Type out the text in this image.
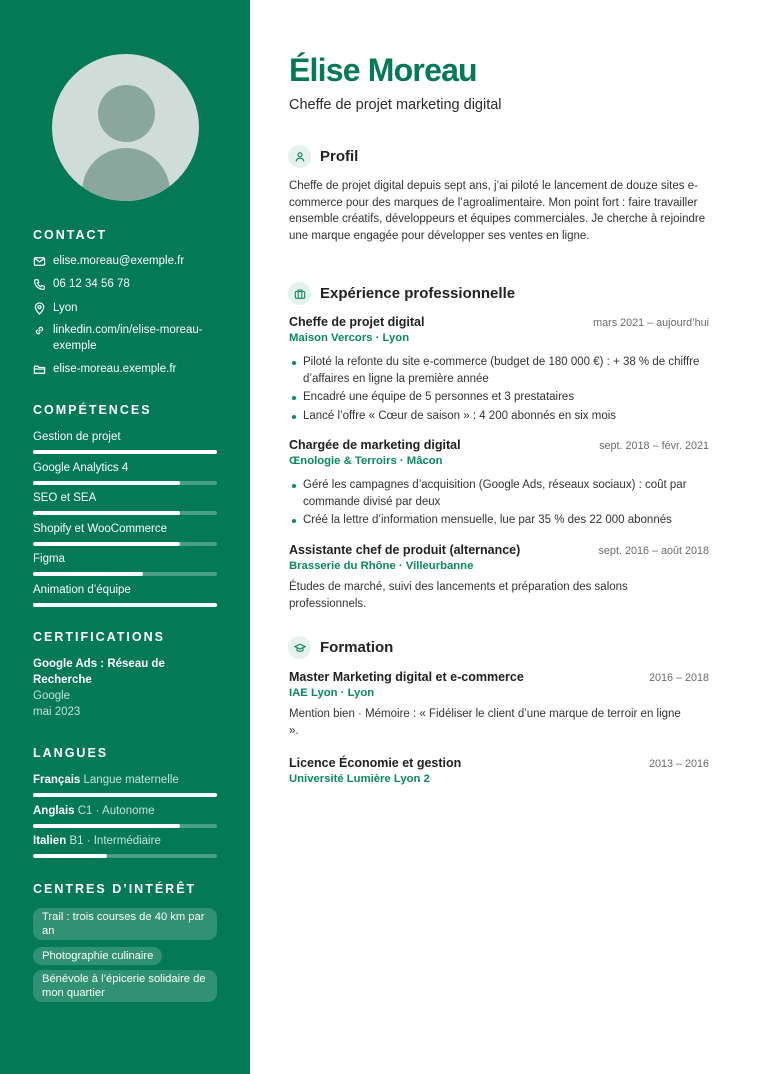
CONTACT
elise.moreau@exemple.fr
06 12 34 56 78
Lyon
linkedin.com/in/elise-moreau-exemple
elise-moreau.exemple.fr
COMPÉTENCES
Gestion de projet
Google Analytics 4
SEO et SEA
Shopify et WooCommerce
Figma
Animation d’équipe
CERTIFICATIONS
Google Ads : Réseau de Recherche
Google
mai 2023
LANGUES
Français Langue maternelle
Anglais C1 · Autonome
Italien B1 · Intermédiaire
CENTRES D’INTÉRÊT
Trail : trois courses de 40 km par an
Photographie culinaire
Bénévole à l’épicerie solidaire de mon quartier
Élise Moreau
Cheffe de projet marketing digital
Profil

Cheffe de projet digital depuis sept ans, j’ai piloté le lancement de douze sites e-commerce pour des marques de l’agroalimentaire. Mon point fort : faire travailler ensemble créatifs, développeurs et équipes commerciales. Je cherche à rejoindre une marque engagée pour développer ses ventes en ligne.

Expérience professionnelle
Cheffe de projet digital	mars 2021 – aujourd’hui
Maison Vercors · Lyon
Piloté la refonte du site e-commerce (budget de 180 000 €) : + 38 % de chiffre d’affaires en ligne la première année
Encadré une équipe de 5 personnes et 3 prestataires
Lancé l’offre « Cœur de saison » : 4 200 abonnés en six mois
Chargée de marketing digital	sept. 2018 – févr. 2021
Œnologie & Terroirs · Mâcon
Géré les campagnes d’acquisition (Google Ads, réseaux sociaux) : coût par commande divisé par deux
Créé la lettre d’information mensuelle, lue par 35 % des 22 000 abonnés
Assistante chef de produit (alternance)	sept. 2016 – août 2018
Brasserie du Rhône · Villeurbanne
Études de marché, suivi des lancements et préparation des salons professionnels.
Formation
Master Marketing digital et e-commerce	2016 – 2018
IAE Lyon · Lyon
Mention bien · Mémoire : « Fidéliser le client d’une marque de terroir en ligne ».
Licence Économie et gestion	2013 – 2016
Université Lumière Lyon 2
